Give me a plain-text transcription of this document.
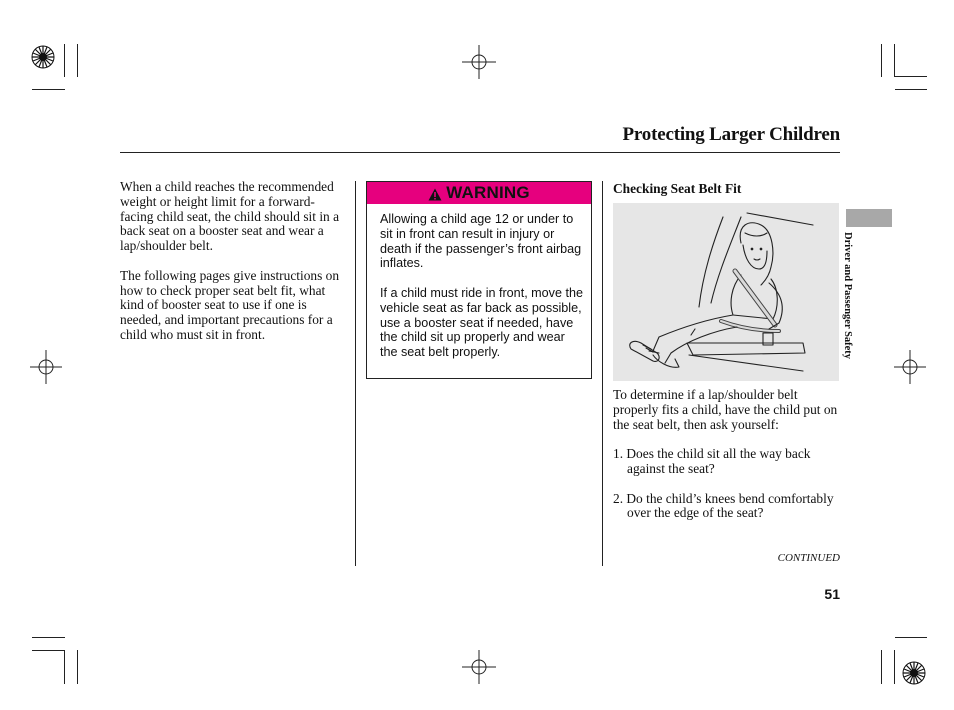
Protecting Larger Children

When a child reaches the recommended weight or height limit for a forward-facing child seat, the child should sit in a back seat on a booster seat and wear a lap/shoulder belt.

The following pages give instructions on how to check proper seat belt fit, what kind of booster seat to use if one is needed, and important precautions for a child who must sit in front.

WARNING

Allowing a child age 12 or under to sit in front can result in injury or death if the passenger’s front airbag inflates.

If a child must ride in front, move the vehicle seat as far back as possible, use a booster seat if needed, have the child sit up properly and wear the seat belt properly.

Checking Seat Belt Fit

To determine if a lap/shoulder belt properly fits a child, have the child put on the seat belt, then ask yourself:

1. Does the child sit all the way back against the seat?

2. Do the child’s knees bend comfortably over the edge of the seat?

CONTINUED
51
Driver and Passenger Safety
